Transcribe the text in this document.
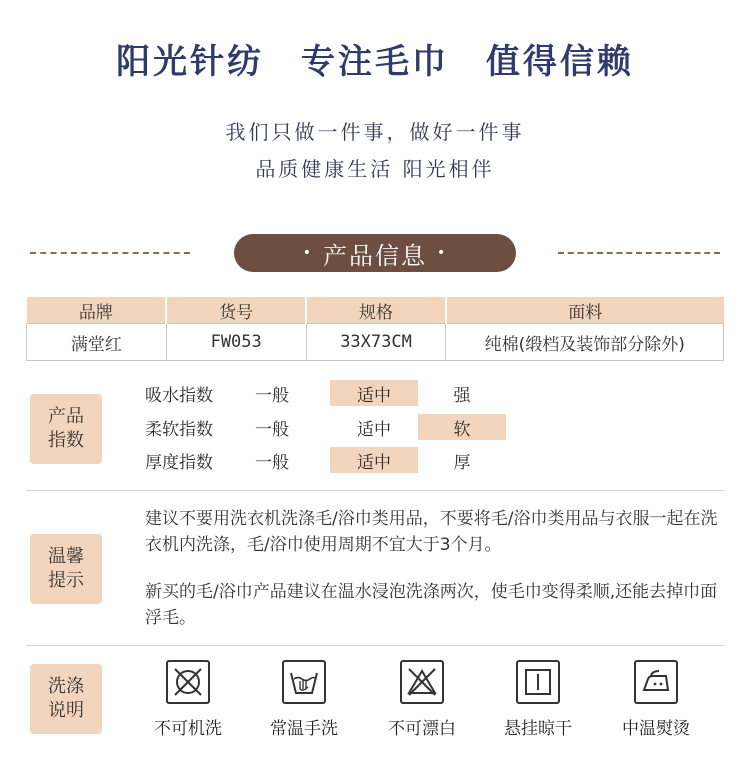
阳光针纺 专注毛巾 值得信赖
我们只做一件事，做好一件事
品质健康生活 阳光相伴
• 产品信息 •
品牌	货号	规格	面料
满堂红	FW053	33X73CM	纯棉(缎档及装饰部分除外)
产品
指数
吸水指数	一般	适中	强
柔软指数	一般	适中	软
厚度指数	一般	适中	厚
温馨
提示
建议不要用洗衣机洗涤毛/浴巾类用品，不要将毛/浴巾类用品与衣服一起在洗衣机内洗涤，毛/浴巾使用周期不宜大于3个月。
新买的毛/浴巾产品建议在温水浸泡洗涤两次，使毛巾变得柔顺,还能去掉巾面浮毛。
洗涤
说明
不可机洗	常温手洗	不可漂白	悬挂晾干	中温熨烫
